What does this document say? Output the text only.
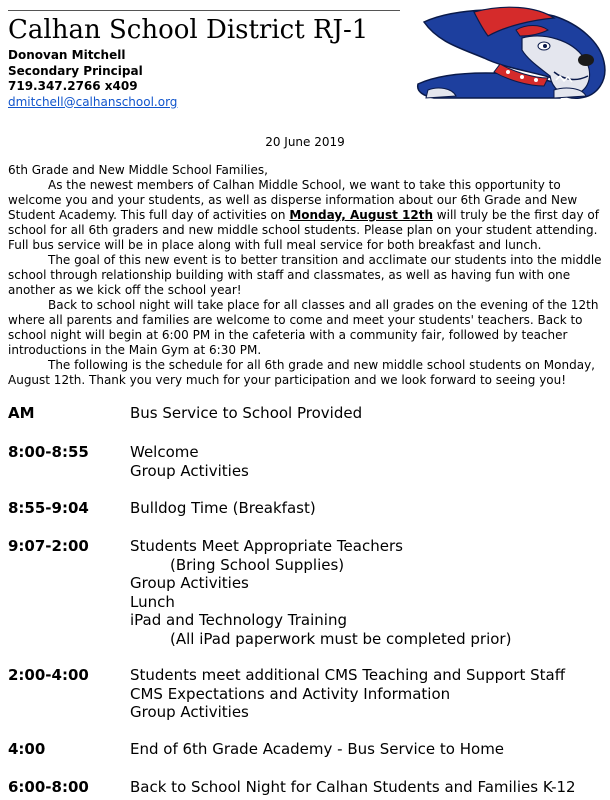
Calhan School District RJ-1
Donovan Mitchell
Secondary Principal
719.347.2766 x409
dmitchell@calhanschool.org
20 June 2019

6th Grade and New Middle School Families,

As the newest members of Calhan Middle School, we want to take this opportunity to

welcome you and your students, as well as disperse information about our 6th Grade and New

Student Academy. This full day of activities on Monday, August 12th will truly be the first day of

school for all 6th graders and new middle school students. Please plan on your student attending.

Full bus service will be in place along with full meal service for both breakfast and lunch.

The goal of this new event is to better transition and acclimate our students into the middle

school through relationship building with staff and classmates, as well as having fun with one

another as we kick off the school year!

Back to school night will take place for all classes and all grades on the evening of the 12th

where all parents and families are welcome to come and meet your students' teachers. Back to

school night will begin at 6:00 PM in the cafeteria with a community fair, followed by teacher

introductions in the Main Gym at 6:30 PM.

The following is the schedule for all 6th grade and new middle school students on Monday,

August 12th. Thank you very much for your participation and we look forward to seeing you!

AM	Bus Service to School Provided
8:00-8:55	Welcome
Group Activities
8:55-9:04	Bulldog Time (Breakfast)
9:07-2:00	Students Meet Appropriate Teachers
(Bring School Supplies)
Group Activities
Lunch
iPad and Technology Training
(All iPad paperwork must be completed prior)
2:00-4:00	Students meet additional CMS Teaching and Support Staff
CMS Expectations and Activity Information
Group Activities
4:00	End of 6th Grade Academy - Bus Service to Home
6:00-8:00	Back to School Night for Calhan Students and Families K-12
